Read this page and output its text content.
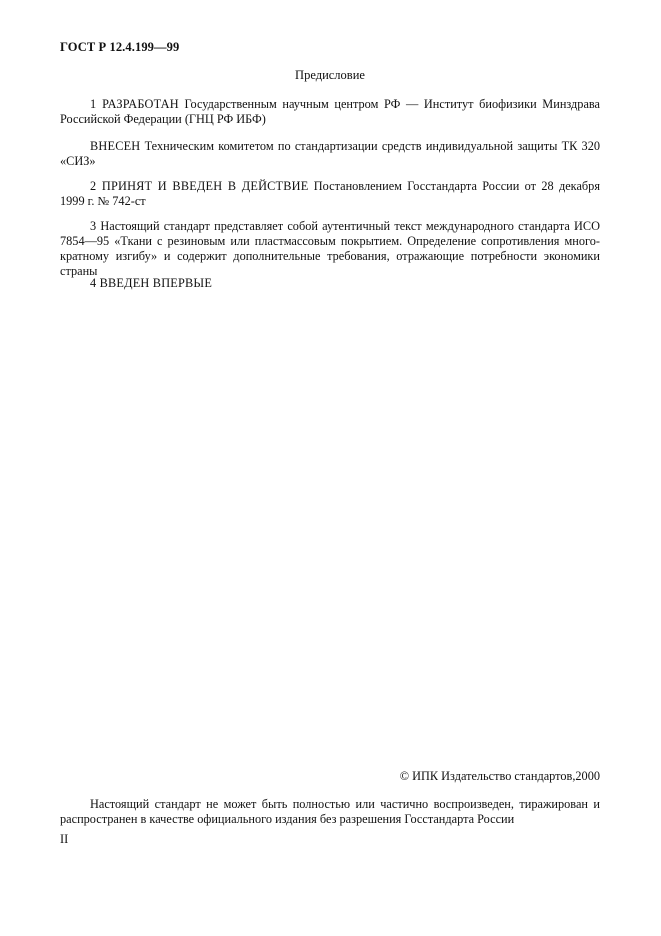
ГОСТ Р 12.4.199—99
Предисловие

1 РАЗРАБОТАН Государственным научным центром РФ — Институт биофизики Минздрава Российской Федерации (ГНЦ РФ ИБФ)

ВНЕСЕН Техническим комитетом по стандартизации средств индивидуальной защиты ТК 320 «СИЗ»

2 ПРИНЯТ И ВВЕДЕН В ДЕЙСТВИЕ Постановлением Госстандарта России от 28 декабря 1999 г. № 742-ст

3 Настоящий стандарт представляет собой аутентичный текст международного стандарта ИСО 7854—95 «Ткани с резиновым или пластмассовым покрытием. Определение сопротивления много-кратному изгибу» и содержит дополнительные требования, отражающие потребности экономики страны

4 ВВЕДЕН ВПЕРВЫЕ

© ИПК Издательство стандартов,2000

Настоящий стандарт не может быть полностью или частично воспроизведен, тиражирован и распространен в качестве официального издания без разрешения Госстандарта России

II
